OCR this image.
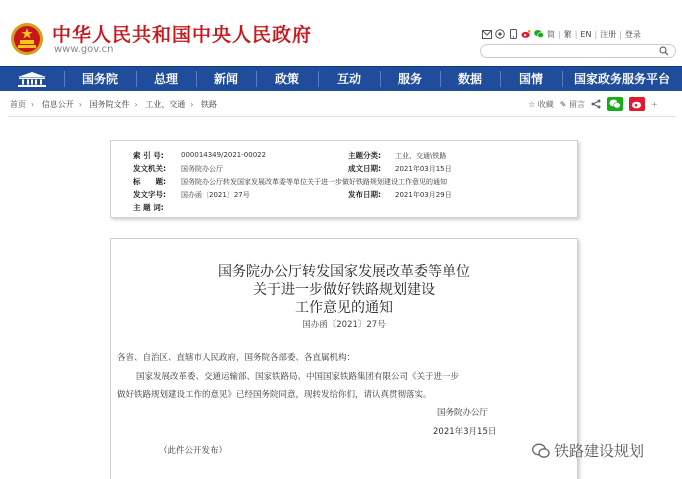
中华人民共和国中央人民政府
www.gov.cn
简 | 繁 | EN | 注册 | 登录
国务院	总理	新闻	政策	互动	服务	数据	国情	国家政务服务平台
首页 › 信息公开 › 国务院文件 › 工业、交通 › 铁路	☆ 收藏 ✎ 留言	+
索 引 号: 000014349/2021-00022	主题分类: 工业、交通\铁路
发文机关: 国务院办公厅	成文日期: 2021年03月15日
标　　题: 国务院办公厅转发国家发展改革委等单位关于进一步做好铁路规划建设工作意见的通知
发文字号: 国办函〔2021〕27号	发布日期: 2021年03月29日
主 题 词:
国务院办公厅转发国家发展改革委等单位
关于进一步做好铁路规划建设
工作意见的通知
国办函〔2021〕27号
各省、自治区、直辖市人民政府，国务院各部委、各直属机构：
国家发展改革委、交通运输部、国家铁路局、中国国家铁路集团有限公司《关于进一步
做好铁路规划建设工作的意见》已经国务院同意，现转发给你们，请认真贯彻落实。
国务院办公厅
2021年3月15日
（此件公开发布）	铁路建设规划
